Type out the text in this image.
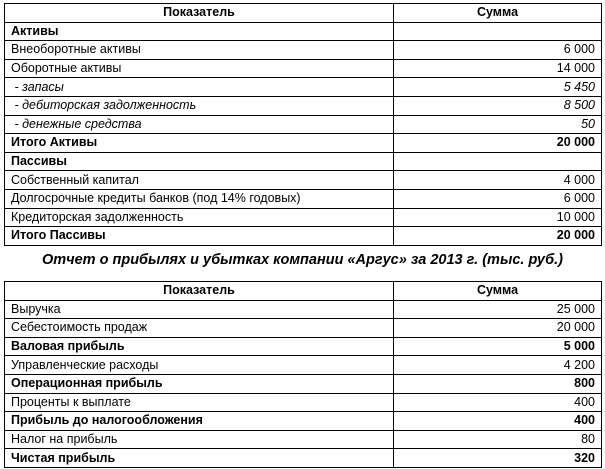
Показатель	Сумма
Активы	
Внеоборотные активы	6 000
Оборотные активы	14 000
- запасы	5 450
- дебиторская задолженность	8 500
- денежные средства	50
Итого Активы	20 000
Пассивы	
Собственный капитал	4 000
Долгосрочные кредиты банков (под 14% годовых)	6 000
Кредиторская задолженность	10 000
Итого Пассивы	20 000
Отчет о прибылях и убытках компании «Аргус» за 2013 г. (тыс. руб.)
Показатель	Сумма
Выручка	25 000
Себестоимость продаж	20 000
Валовая прибыль	5 000
Управленческие расходы	4 200
Операционная прибыль	800
Проценты к выплате	400
Прибыль до налогообложения	400
Налог на прибыль	80
Чистая прибыль	320
